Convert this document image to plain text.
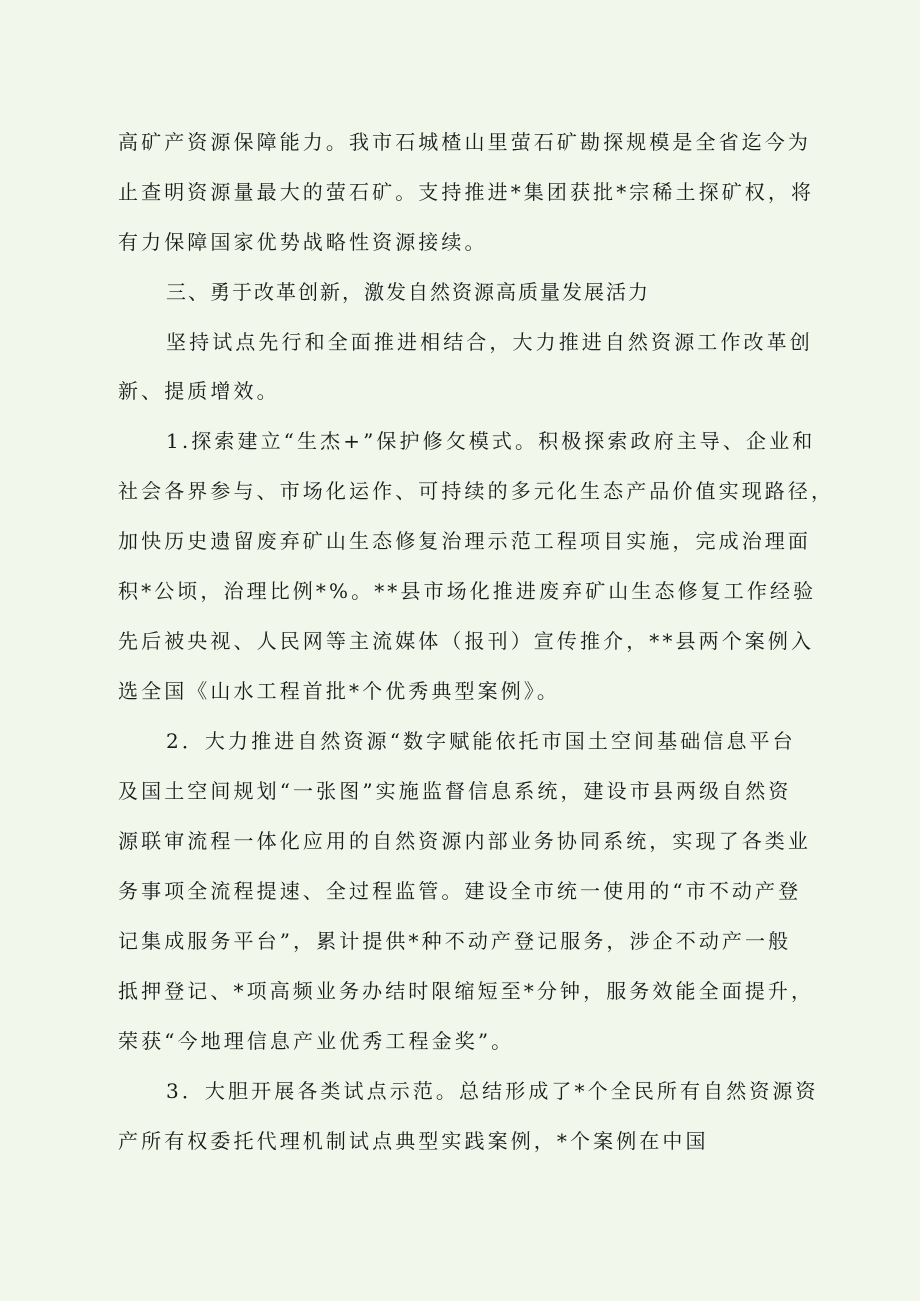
高矿产资源保障能力。我市石城楂山里萤石矿勘探规模是全省迄今为
止查明资源量最大的萤石矿。支持推进*集团获批*宗稀土探矿权，将
有力保障国家优势战略性资源接续。
三、勇于改革创新，激发自然资源高质量发展活力
坚持试点先行和全面推进相结合，大力推进自然资源工作改革创
新、提质增效。
1.探索建立“生杰+”保护修攵模式。积极探索政府主导、企业和
社会各界参与、市场化运作、可持续的多元化生态产品价值实现路径，
加快历史遗留废弃矿山生态修复治理示范工程项目实施，完成治理面
积*公顷，治理比例*%。**县市场化推进废弃矿山生态修复工作经验
先后被央视、人民网等主流媒体（报刊）宣传推介，**县两个案例入
选全国《山水工程首批*个优秀典型案例》。
2．大力推进自然资源“数字赋能依托市国土空间基础信息平台
及国土空间规划“一张图”实施监督信息系统，建设市县两级自然资
源联审流程一体化应用的自然资源内部业务协同系统，实现了各类业
务事项全流程提速、全过程监管。建设全市统一使用的“市不动产登
记集成服务平台”，累计提供*种不动产登记服务，涉企不动产一般
抵押登记、*项高频业务办结时限缩短至*分钟，服务效能全面提升，
荣获“今地理信息产业优秀工程金奖”。
3．大胆开展各类试点示范。总结形成了*个全民所有自然资源资
产所有权委托代理机制试点典型实践案例，*个案例在中国
